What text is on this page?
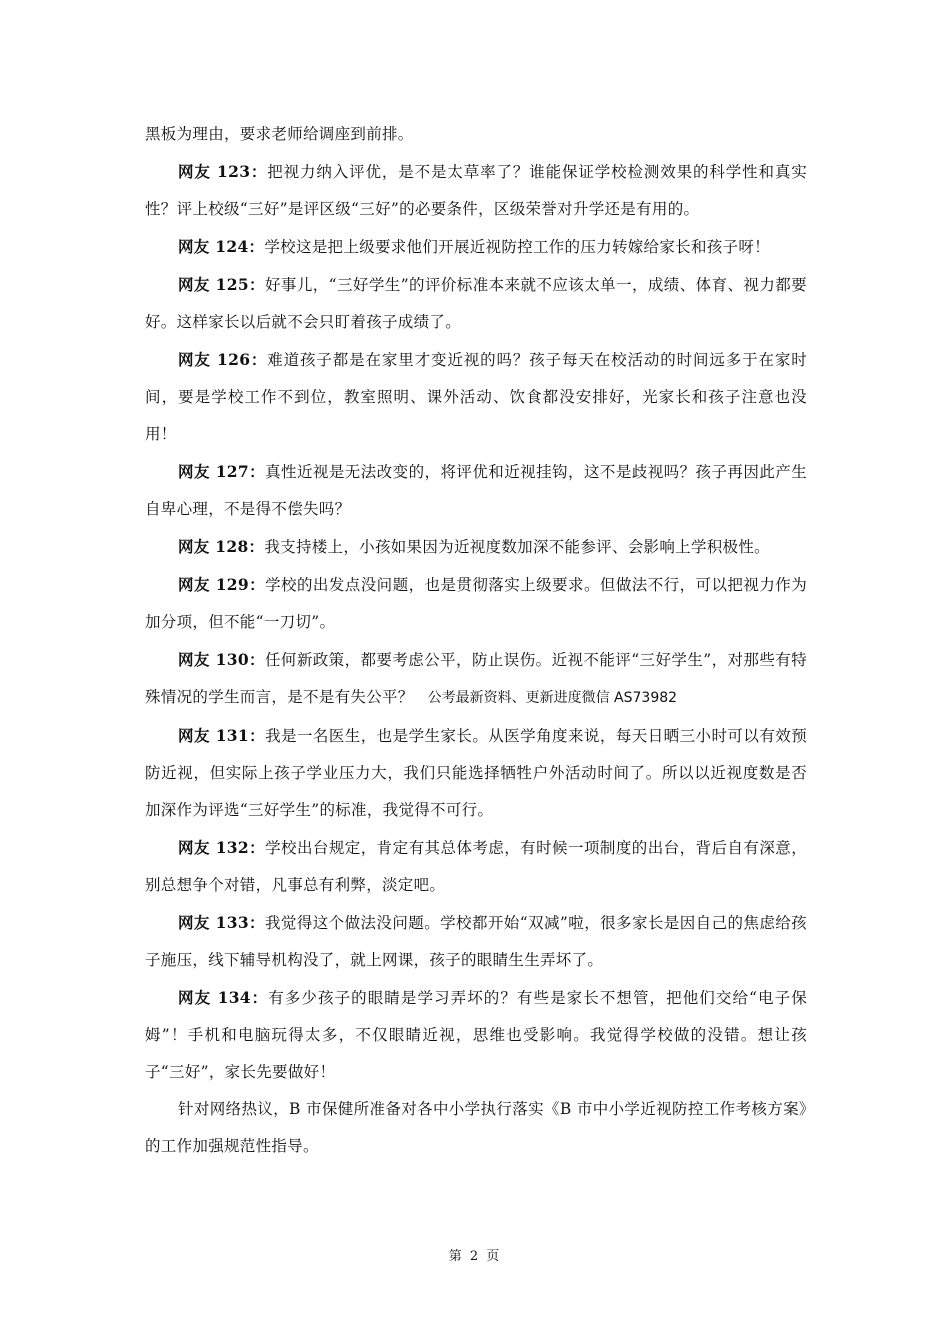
黑板为理由，要求老师给调座到前排。

网友 123：把视力纳入评优，是不是太草率了？谁能保证学校检测效果的科学性和真实性？评上校级“三好”是评区级“三好”的必要条件，区级荣誉对升学还是有用的。

网友 124：学校这是把上级要求他们开展近视防控工作的压力转嫁给家长和孩子呀！

网友 125：好事儿，“三好学生”的评价标准本来就不应该太单一，成绩、体育、视力都要好。这样家长以后就不会只盯着孩子成绩了。

网友 126：难道孩子都是在家里才变近视的吗？孩子每天在校活动的时间远多于在家时间，要是学校工作不到位，教室照明、课外活动、饮食都没安排好，光家长和孩子注意也没用！

网友 127：真性近视是无法改变的，将评优和近视挂钩，这不是歧视吗？孩子再因此产生自卑心理，不是得不偿失吗？

网友 128：我支持楼上，小孩如果因为近视度数加深不能参评、会影响上学积极性。

网友 129：学校的出发点没问题，也是贯彻落实上级要求。但做法不行，可以把视力作为加分项，但不能“一刀切”。

网友 130：任何新政策，都要考虑公平，防止误伤。近视不能评“三好学生”，对那些有特殊情况的学生而言，是不是有失公平？ 公考最新资料、更新进度微信 AS73982

网友 131：我是一名医生，也是学生家长。从医学角度来说，每天日晒三小时可以有效预防近视，但实际上孩子学业压力大，我们只能选择牺牲户外活动时间了。所以以近视度数是否加深作为评选“三好学生”的标准，我觉得不可行。

网友 132：学校出台规定，肯定有其总体考虑，有时候一项制度的出台，背后自有深意，别总想争个对错，凡事总有利弊，淡定吧。

网友 133：我觉得这个做法没问题。学校都开始“双减”啦，很多家长是因自己的焦虑给孩子施压，线下辅导机构没了，就上网课，孩子的眼睛生生弄坏了。

网友 134：有多少孩子的眼睛是学习弄坏的？有些是家长不想管，把他们交给“电子保姆”！手机和电脑玩得太多，不仅眼睛近视，思维也受影响。我觉得学校做的没错。想让孩子“三好”，家长先要做好！

针对网络热议，B 市保健所准备对各中小学执行落实《B 市中小学近视防控工作考核方案》的工作加强规范性指导。

第 2 页
